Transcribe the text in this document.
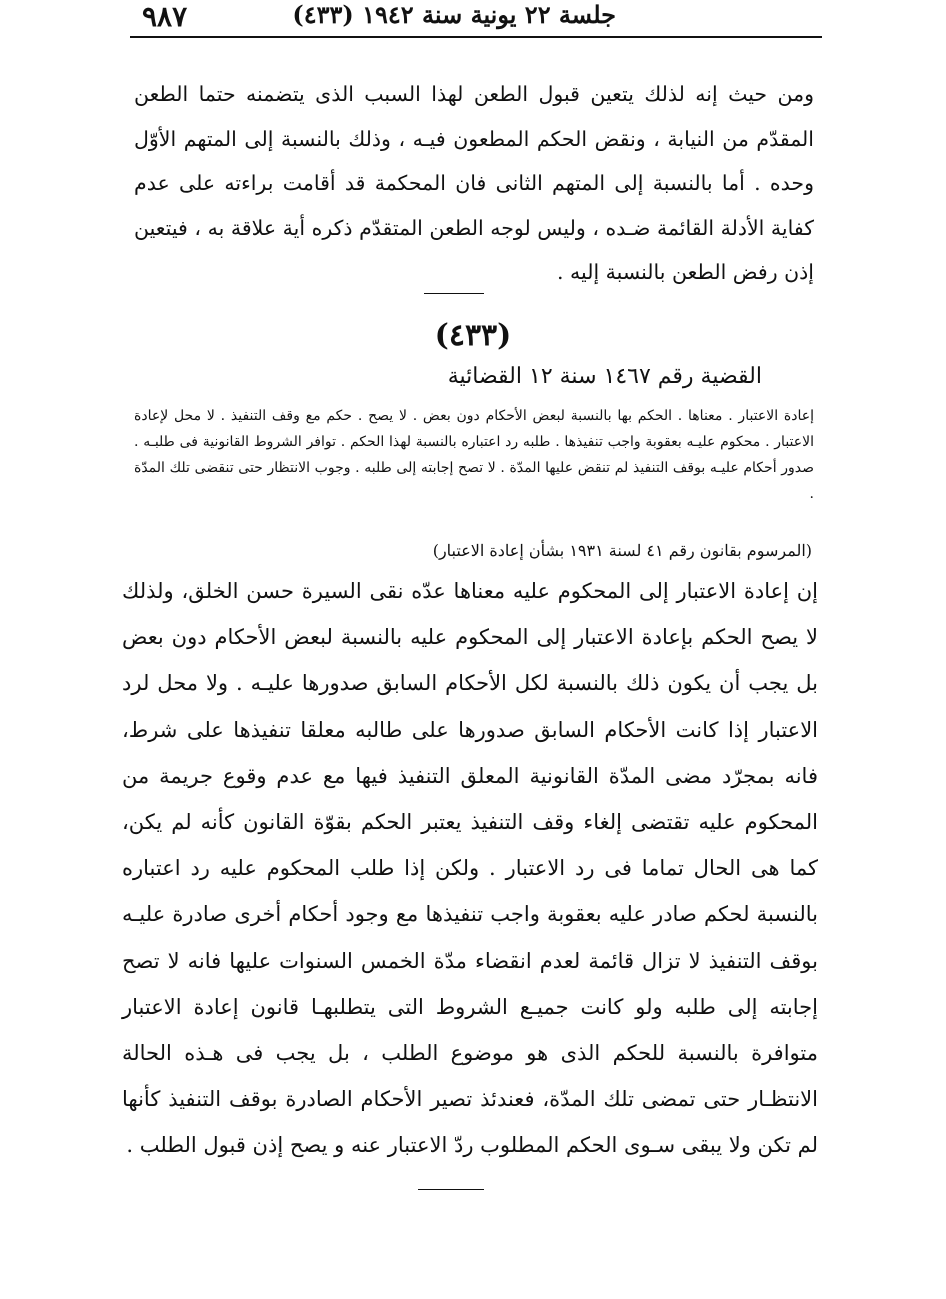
٩٨٧	جلسة ٢٢ يونية سنة ١٩٤٢ (٤٣٣)
ومن حيث إنه لذلك يتعين قبول الطعن لهذا السبب الذى يتضمنه حتما الطعن المقدّم من النيابة ، ونقض الحكم المطعون فيـه ، وذلك بالنسبة إلى المتهم الأوّل وحده . أما بالنسبة إلى المتهم الثانى فان المحكمة قد أقامت براءته على عدم كفاية الأدلة القائمة ضـده ، وليس لوجه الطعن المتقدّم ذكره أية علاقة به ، فيتعين إذن رفض الطعن بالنسبة إليه .
(٤٣٣)
القضية رقم ١٤٦٧ سنة ١٢ القضائية
إعادة الاعتبار . معناها . الحكم بها بالنسبة لبعض الأحكام دون بعض . لا يصح . حكم مع وقف التنفيذ . لا محل لإعادة الاعتبار . محكوم عليـه بعقوبة واجب تنفيذها . طلبه رد اعتباره بالنسبة لهذا الحكم . توافر الشروط القانونية فى طلبـه . صدور أحكام عليـه بوقف التنفيذ لم تنقض عليها المدّة . لا تصح إجابته إلى طلبه . وجوب الانتظار حتى تنقضى تلك المدّة .
(المرسوم بقانون رقم ٤١ لسنة ١٩٣١ بشأن إعادة الاعتبار)
إن إعادة الاعتبار إلى المحكوم عليه معناها عدّه نقى السيرة حسن الخلق، ولذلك لا يصح الحكم بإعادة الاعتبار إلى المحكوم عليه بالنسبة لبعض الأحكام دون بعض بل يجب أن يكون ذلك بالنسبة لكل الأحكام السابق صدورها عليـه . ولا محل لرد الاعتبار إذا كانت الأحكام السابق صدورها على طالبه معلقا تنفيذها على شرط، فانه بمجرّد مضى المدّة القانونية المعلق التنفيذ فيها مع عدم وقوع جريمة من المحكوم عليه تقتضى إلغاء وقف التنفيذ يعتبر الحكم بقوّة القانون كأنه لم يكن، كما هى الحال تماما فى رد الاعتبار . ولكن إذا طلب المحكوم عليه رد اعتباره بالنسبة لحكم صادر عليه بعقوبة واجب تنفيذها مع وجود أحكام أخرى صادرة عليـه بوقف التنفيذ لا تزال قائمة لعدم انقضاء مدّة الخمس السنوات عليها فانه لا تصح إجابته إلى طلبه ولو كانت جميـع الشروط التى يتطلبهـا قانون إعادة الاعتبار متوافرة بالنسبة للحكم الذى هو موضوع الطلب ، بل يجب فى هـذه الحالة الانتظـار حتى تمضى تلك المدّة، فعندئذ تصير الأحكام الصادرة بوقف التنفيذ كأنها لم تكن ولا يبقى سـوى الحكم المطلوب ردّ الاعتبار عنه و يصح إذن قبول الطلب .
